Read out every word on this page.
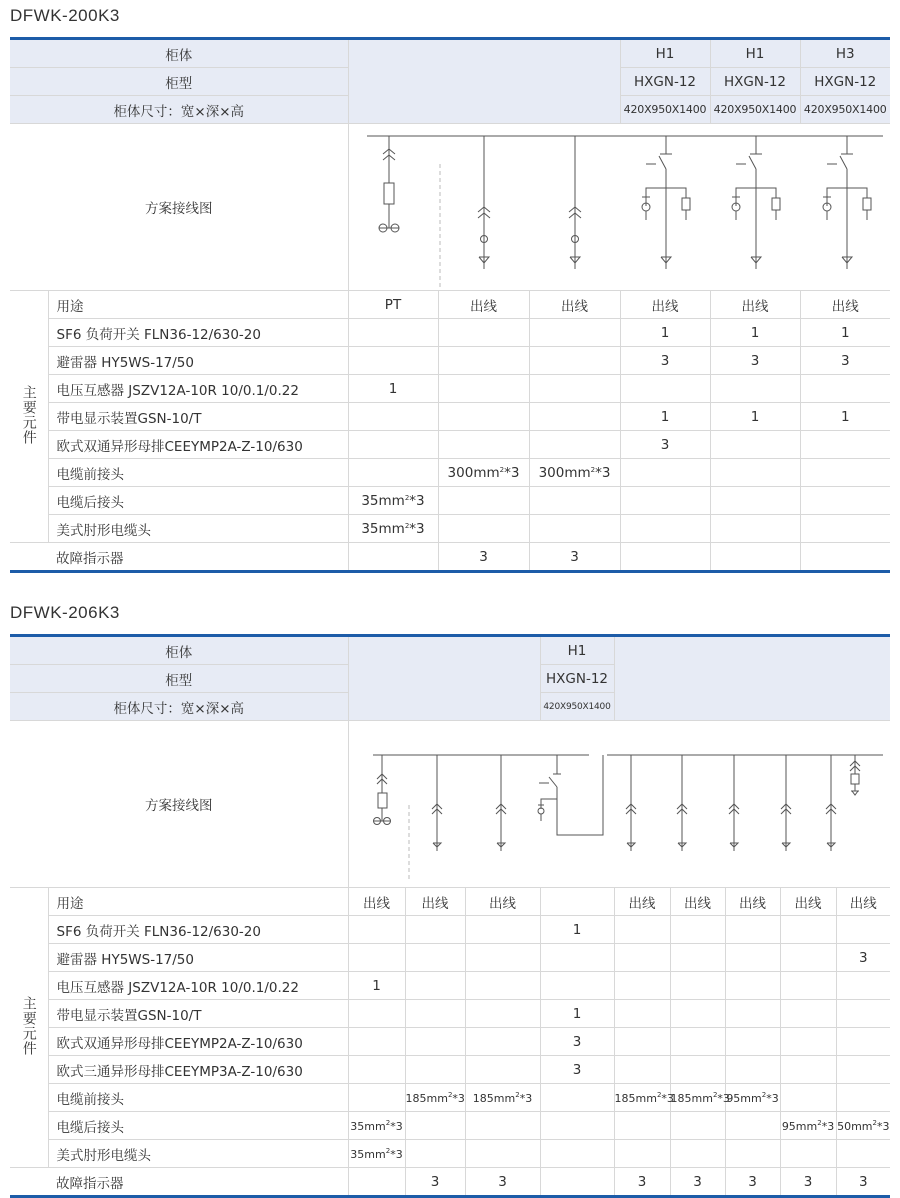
DFWK-200K3
柜体					H1	H1	H3
柜型					HXGN-12	HXGN-12	HXGN-12
柜体尺寸：宽×深×高					420X950X1400	420X950X1400	420X950X1400
方案接线图	

主要元件	用途	PT	出线	出线	出线	出线	出线
	SF6 负荷开关 FLN36-12/630-20				1	1	1
	避雷器 HY5WS-17/50				3	3	3
	电压互感器 JSZV12A-10R 10/0.1/0.22	1					
	带电显示装置GSN-10/T				1	1	1
	欧式双通异形母排CEEYMP2A-Z-10/630				3		
	电缆前接头		$300mm^2*3$	$300mm^2*3$			
	电缆后接头	$35mm^2*3$					
	美式肘形电缆头	$35mm^2*3$					
	故障指示器		3	3			
DFWK-206K3
柜体					H1					
柜型					HXGN-12					
柜体尺寸：宽×深×高					420X950X1400					
方案接线图	

主要元件	用途	出线	出线	出线		出线	出线	出线	出线	出线
	SF6 负荷开关 FLN36-12/630-20				1					
	避雷器 HY5WS-17/50									3
	电压互感器 JSZV12A-10R 10/0.1/0.22	1								
	带电显示装置GSN-10/T				1					
	欧式双通异形母排CEEYMP2A-Z-10/630				3					
	欧式三通异形母排CEEYMP3A-Z-10/630				3					
	电缆前接头		$185mm^2*3$	$185mm^2*3$		$185mm^2*3$	$185mm^2*3$	$95mm^2*3$		
	电缆后接头	$35mm^2*3$							$95mm^2*3$	$50mm^2*3$
	美式肘形电缆头	$35mm^2*3$								
	故障指示器		3	3		3	3	3	3	3
